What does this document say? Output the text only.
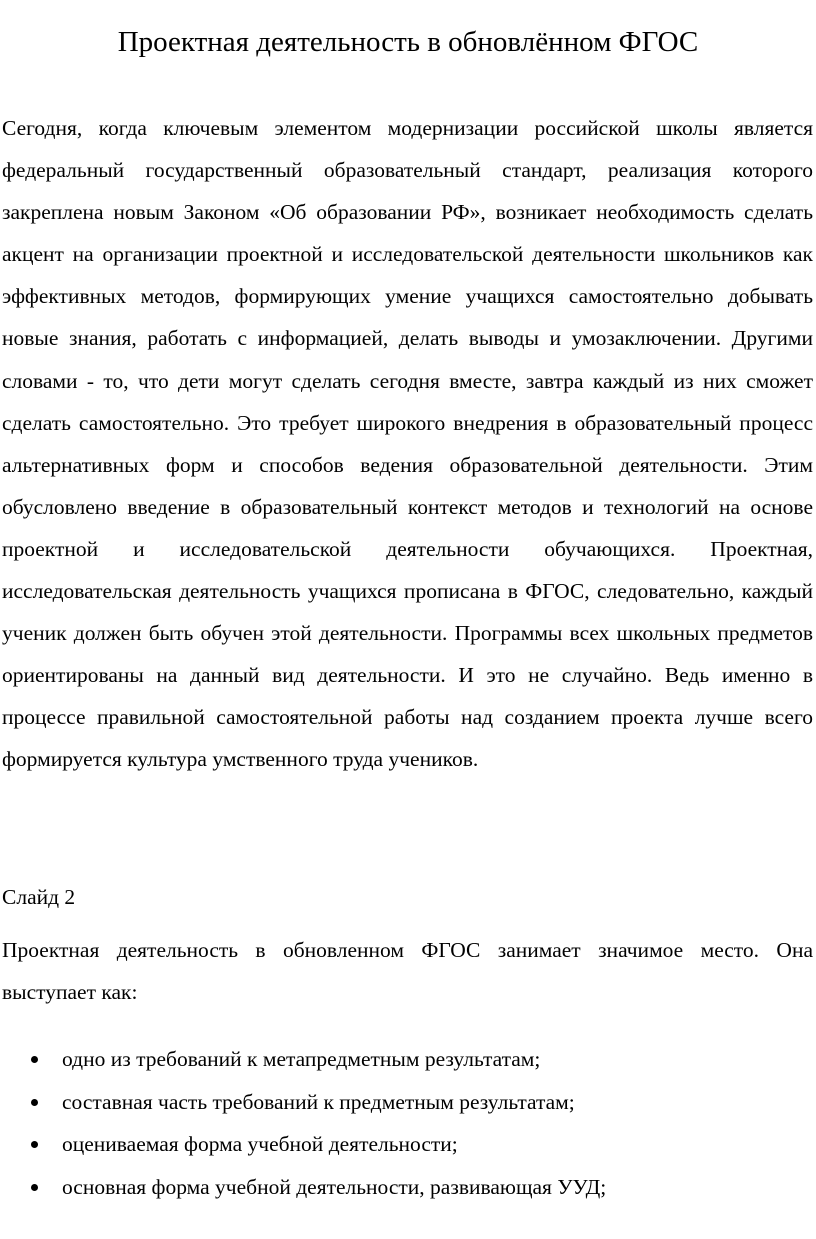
Проектная деятельность в обновлённом ФГОС

Сегодня, когда ключевым элементом модернизации российской школы является федеральный государственный образовательный стандарт, реализация которого закреплена новым Законом «Об образовании РФ», возникает необходимость сделать акцент на организации проектной и исследовательской деятельности школьников как эффективных методов, формирующих умение учащихся самостоятельно добывать новые знания, работать с информацией, делать выводы и умозаключении. Другими словами - то, что дети могут сделать сегодня вместе, завтра каждый из них сможет сделать самостоятельно. Это требует широкого внедрения в образовательный процесс альтернативных форм и способов ведения образовательной деятельности. Этим обусловлено введение в образовательный контекст методов и технологий на основе проектной и исследовательской деятельности обучающихся. Проектная, исследовательская деятельность учащихся прописана в ФГОС, следовательно, каждый ученик должен быть обучен этой деятельности. Программы всех школьных предметов ориентированы на данный вид деятельности. И это не случайно. Ведь именно в процессе правильной самостоятельной работы над созданием проекта лучше всего формируется культура умственного труда учеников.

Слайд 2

Проектная деятельность в обновленном ФГОС занимает значимое место. Она выступает как:

одно из требований к метапредметным результатам;
составная часть требований к предметным результатам;
оцениваемая форма учебной деятельности;
основная форма учебной деятельности, развивающая УУД;
